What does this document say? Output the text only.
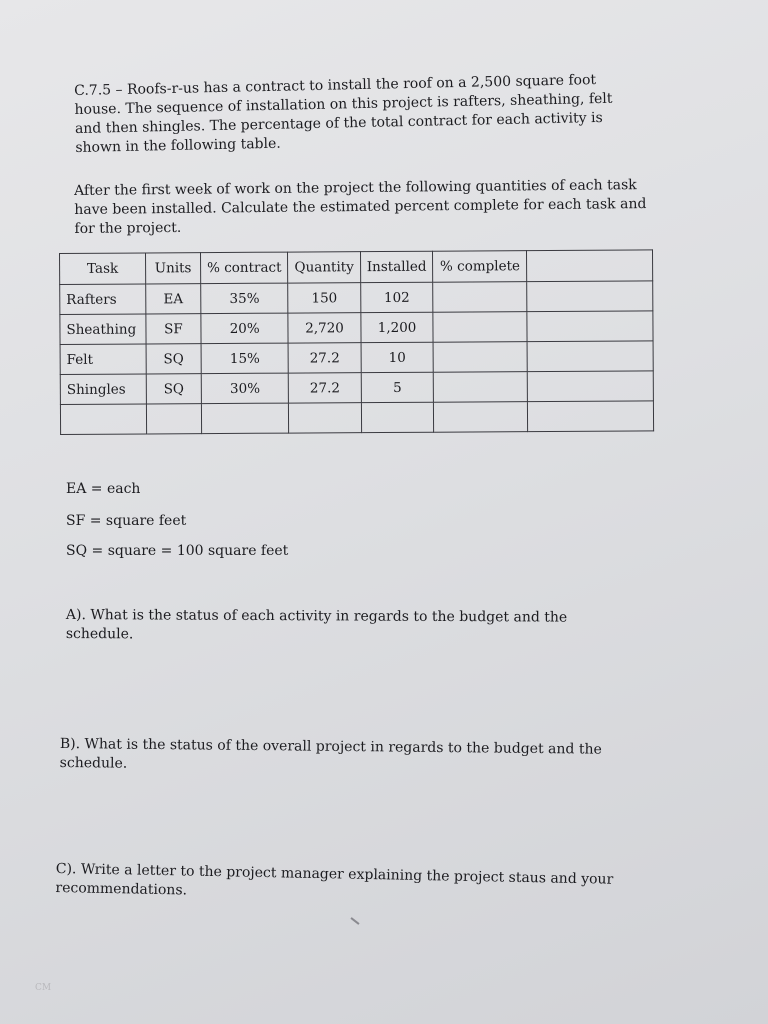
C.7.5 – Roofs-r-us has a contract to install the roof on a 2,500 square foot house. The sequence of installation on this project is rafters, sheathing, felt and then shingles. The percentage of the total contract for each activity is shown in the following table.

After the first week of work on the project the following quantities of each task have been installed. Calculate the estimated percent complete for each task and for the project.

Task	Units	% contract	Quantity	Installed	% complete	
Rafters	EA	35%	150	102		
Sheathing	SF	20%	2,720	1,200		
Felt	SQ	15%	27.2	10		
Shingles	SQ	30%	27.2	5		

EA = each
SF = square feet
SQ = square = 100 square feet

A). What is the status of each activity in regards to the budget and the schedule.

B). What is the status of the overall project in regards to the budget and the schedule.

C). Write a letter to the project manager explaining the project staus and your recommendations.

CM
